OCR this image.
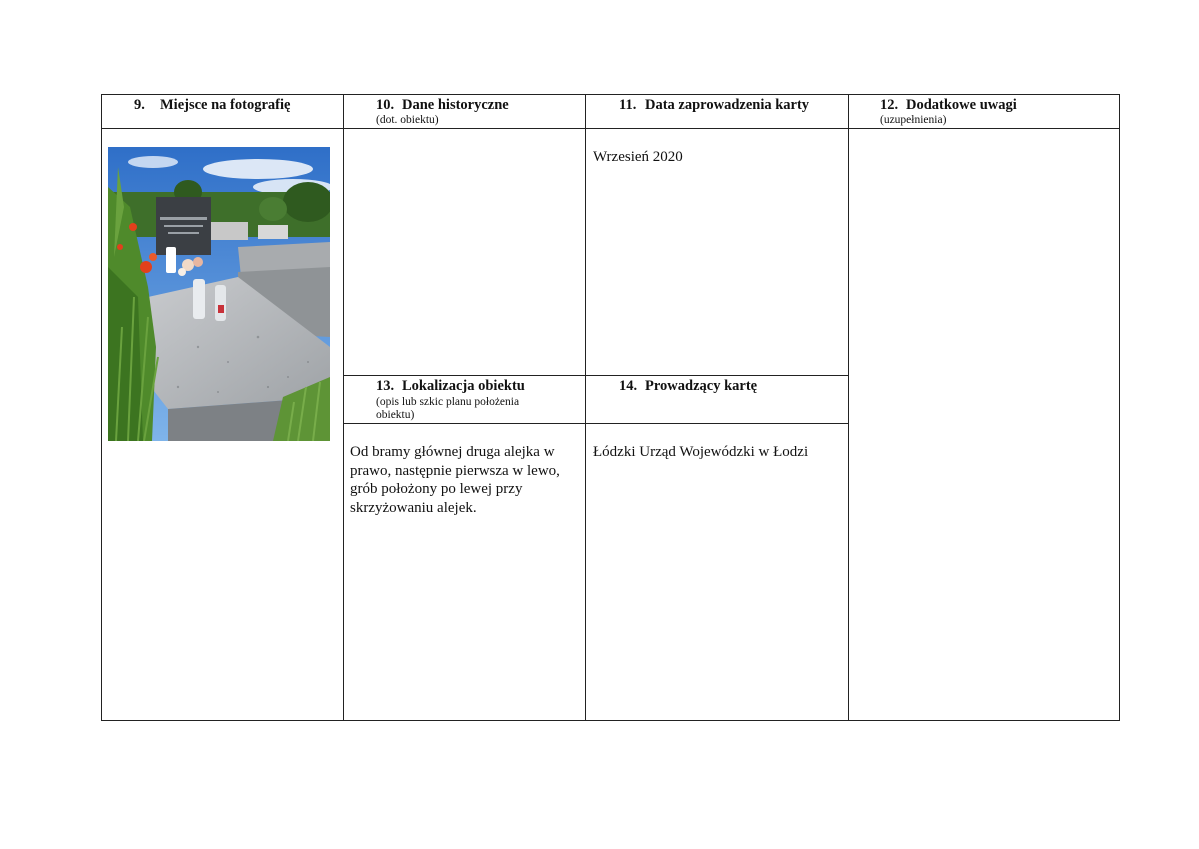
9. Miejsce na fotografię	10. Dane historyczne
(dot. obiektu)
11. Data zaprowadzenia karty	12. Dodatkowe uwagi
(uzupełnienia)
Wrzesień 2020
13. Lokalizacja obiektu
(opis lub szkic planu położenia
obiektu)
14. Prowadzący kartę
Od bramy głównej druga alejka w
prawo, następnie pierwsza w lewo,
grób położony po lewej przy
skrzyżowaniu alejek.
Łódzki Urząd Wojewódzki w Łodzi
